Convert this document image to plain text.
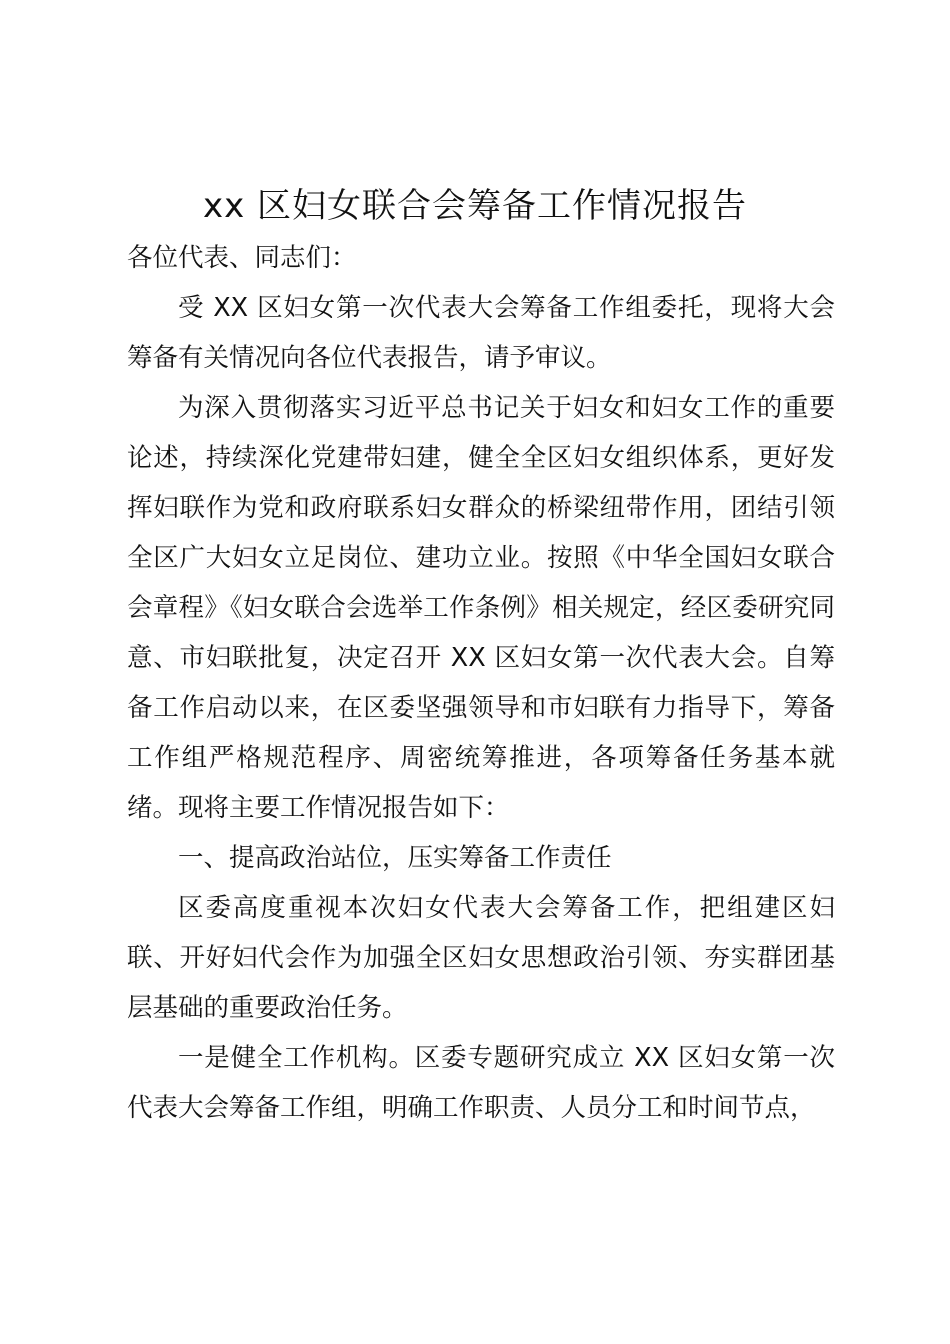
xx 区妇女联合会筹备工作情况报告

各位代表、同志们：

受 XX 区妇女第一次代表大会筹备工作组委托，现将大会筹备有关情况向各位代表报告，请予审议。

为深入贯彻落实习近平总书记关于妇女和妇女工作的重要论述，持续深化党建带妇建，健全全区妇女组织体系，更好发挥妇联作为党和政府联系妇女群众的桥梁纽带作用，团结引领全区广大妇女立足岗位、建功立业。按照《中华全国妇女联合会章程》《妇女联合会选举工作条例》相关规定，经区委研究同意、市妇联批复，决定召开 XX 区妇女第一次代表大会。自筹备工作启动以来，在区委坚强领导和市妇联有力指导下，筹备工作组严格规范程序、周密统筹推进，各项筹备任务基本就绪。现将主要工作情况报告如下：

一、提高政治站位，压实筹备工作责任

区委高度重视本次妇女代表大会筹备工作，把组建区妇联、开好妇代会作为加强全区妇女思想政治引领、夯实群团基层基础的重要政治任务。

一是健全工作机构。区委专题研究成立 XX 区妇女第一次代表大会筹备工作组，明确工作职责、人员分工和时间节点，
